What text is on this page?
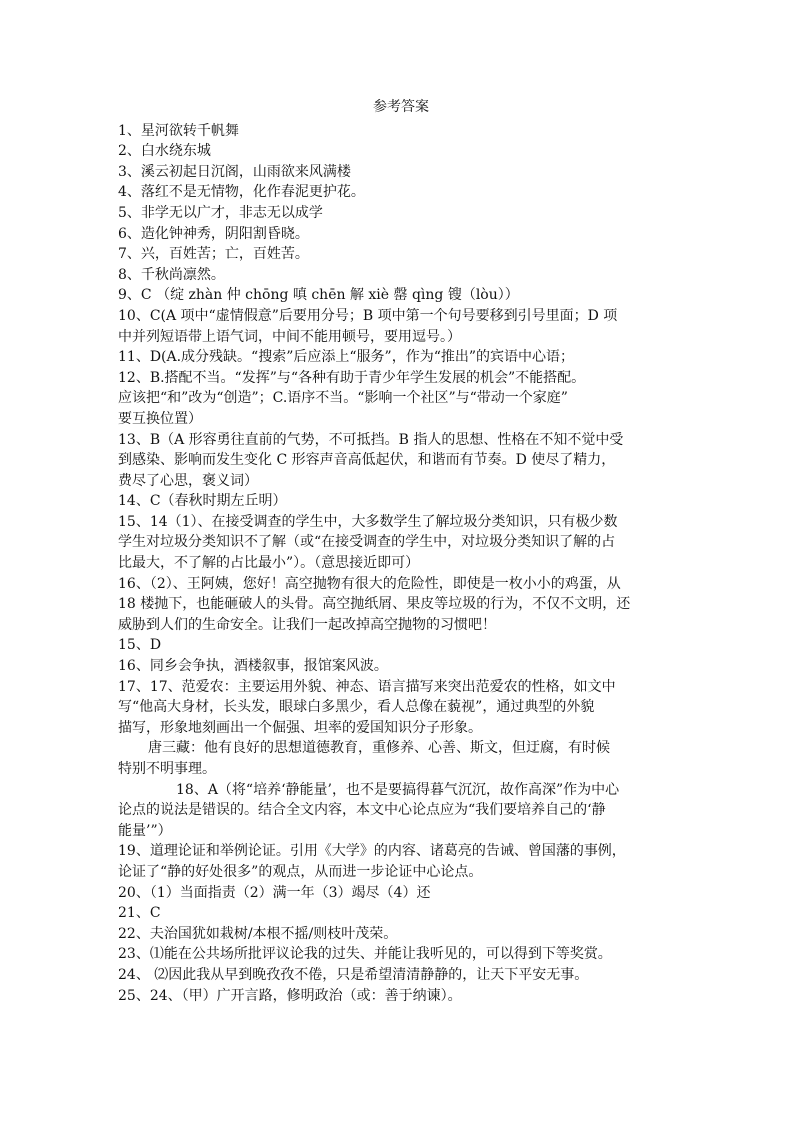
参考答案
1、星河欲转千帆舞
2、白水绕东城
3、溪云初起日沉阁，山雨欲来风满楼
4、落红不是无情物，化作春泥更护花。
5、非学无以广才，非志无以成学
6、造化钟神秀，阴阳割昏晓。
7、兴，百姓苦；亡，百姓苦。
8、千秋尚凛然。
9、C （绽 zhàn 仲 chōng 嗔 chēn 解 xiè 罄 qìng 锼（lòu））
10、C(A 项中“虚情假意”后要用分号；B 项中第一个句号要移到引号里面；D 项
中并列短语带上语气词，中间不能用顿号，要用逗号。）
11、D(A.成分残缺。“搜索”后应添上“服务”，作为“推出”的宾语中心语；
12、B.搭配不当。“发挥”与“各种有助于青少年学生发展的机会”不能搭配。
应该把“和”改为“创造”；C.语序不当。“影响一个社区”与“带动一个家庭”
要互换位置）
13、B（A 形容勇往直前的气势，不可抵挡。B 指人的思想、性格在不知不觉中受
到感染、影响而发生变化 C 形容声音高低起伏，和谐而有节奏。D 使尽了精力，
费尽了心思，褒义词）
14、C（春秋时期左丘明）
15、14（1）、在接受调查的学生中，大多数学生了解垃圾分类知识，只有极少数
学生对垃圾分类知识不了解（或“在接受调查的学生中，对垃圾分类知识了解的占
比最大，不了解的占比最小”）。（意思接近即可）
16、（2）、王阿姨，您好！高空抛物有很大的危险性，即使是一枚小小的鸡蛋，从
18 楼抛下，也能砸破人的头骨。高空抛纸屑、果皮等垃圾的行为，不仅不文明，还
威胁到人们的生命安全。让我们一起改掉高空抛物的习惯吧！
15、D
16、同乡会争执，酒楼叙事，报馆案风波。
17、17、范爱农：主要运用外貌、神态、语言描写来突出范爱农的性格，如文中
写“他高大身材，长头发，眼球白多黑少，看人总像在藐视”，通过典型的外貌
描写，形象地刻画出一个倔强、坦率的爱国知识分子形象。
唐三藏：他有良好的思想道德教育，重修养、心善、斯文，但迂腐，有时候
特别不明事理。
18、A（将“培养‘静能量’，也不是要搞得暮气沉沉，故作高深”作为中心
论点的说法是错误的。结合全文内容，本文中心论点应为“我们要培养自己的‘静
能量’”）
19、道理论证和举例论证。引用《大学》的内容、诸葛亮的告诫、曾国藩的事例，
论证了“静的好处很多”的观点，从而进一步论证中心论点。
20、（1）当面指责（2）满一年（3）竭尽（4）还
21、C
22、夫治国犹如栽树/本根不摇/则枝叶茂荣。
23、⑴能在公共场所批评议论我的过失、并能让我听见的，可以得到下等奖赏。
24、 ⑵因此我从早到晚孜孜不倦，只是希望清清静静的，让天下平安无事。
25、24、（甲）广开言路，修明政治（或：善于纳谏）。
